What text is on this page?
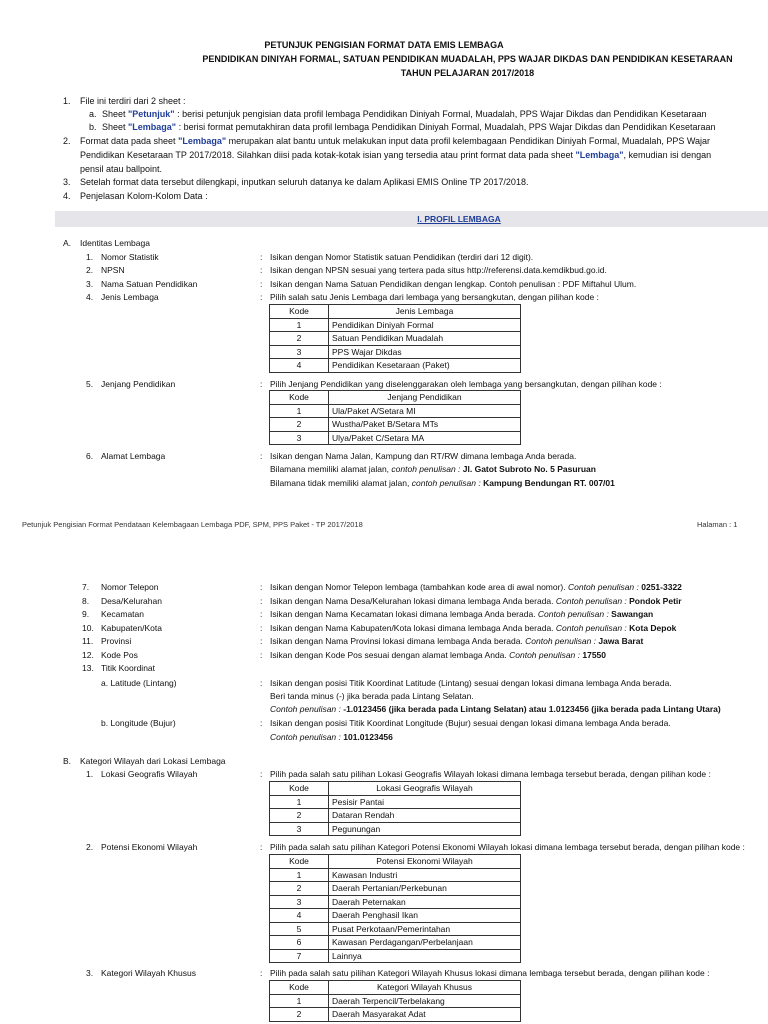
PETUNJUK PENGISIAN FORMAT DATA EMIS LEMBAGA
PENDIDIKAN DINIYAH FORMAL, SATUAN PENDIDIKAN MUADALAH, PPS WAJAR DIKDAS DAN PENDIDIKAN KESETARAAN
TAHUN PELAJARAN 2017/2018
1. File ini terdiri dari 2 sheet :
a. Sheet "Petunjuk" : berisi petunjuk pengisian data profil lembaga Pendidikan Diniyah Formal, Muadalah, PPS Wajar Dikdas dan Pendidikan Kesetaraan
b. Sheet "Lembaga" : berisi format pemutakhiran data profil lembaga Pendidikan Diniyah Formal, Muadalah, PPS Wajar Dikdas dan Pendidikan Kesetaraan
2. Format data pada sheet "Lembaga" merupakan alat bantu untuk melakukan input data profil kelembagaan Pendidikan Diniyah Formal, Muadalah, PPS Wajar
Pendidikan Kesetaraan TP 2017/2018. Silahkan diisi pada kotak-kotak isian yang tersedia atau print format data pada sheet "Lembaga", kemudian isi dengan
pensil atau ballpoint.
3. Setelah format data tersebut dilengkapi, inputkan seluruh datanya ke dalam Aplikasi EMIS Online TP 2017/2018.
4. Penjelasan Kolom-Kolom Data :
I. PROFIL LEMBAGA
A. Identitas Lembaga
1. Nomor Statistik	: Isikan dengan Nomor Statistik satuan Pendidikan (terdiri dari 12 digit).
2. NPSN	: Isikan dengan NPSN sesuai yang tertera pada situs http://referensi.data.kemdikbud.go.id.
3. Nama Satuan Pendidikan	: Isikan dengan Nama Satuan Pendidikan dengan lengkap. Contoh penulisan : PDF Miftahul Ulum.
4. Jenis Lembaga	: Pilih salah satu Jenis Lembaga dari lembaga yang bersangkutan, dengan pilihan kode :
Kode	Jenis Lembaga
1	Pendidikan Diniyah Formal
2	Satuan Pendidikan Muadalah
3	PPS Wajar Dikdas
4	Pendidikan Kesetaraan (Paket)
5. Jenjang Pendidikan	: Pilih Jenjang Pendidikan yang diselenggarakan oleh lembaga yang bersangkutan, dengan pilihan kode :
Kode	Jenjang Pendidikan
1	Ula/Paket A/Setara MI
2	Wustha/Paket B/Setara MTs
3	Ulya/Paket C/Setara MA
6. Alamat Lembaga	: Isikan dengan Nama Jalan, Kampung dan RT/RW dimana lembaga Anda berada.
Bilamana memiliki alamat jalan, contoh penulisan : Jl. Gatot Subroto No. 5 Pasuruan
Bilamana tidak memiliki alamat jalan, contoh penulisan : Kampung Bendungan RT. 007/01
Petunjuk Pengisian Format Pendataan Kelembagaan Lembaga PDF, SPM, PPS Paket - TP 2017/2018	Halaman : 1
7. Nomor Telepon	: Isikan dengan Nomor Telepon lembaga (tambahkan kode area di awal nomor). Contoh penulisan : 0251-3322
8. Desa/Kelurahan	: Isikan dengan Nama Desa/Kelurahan lokasi dimana lembaga Anda berada. Contoh penulisan : Pondok Petir
9. Kecamatan	: Isikan dengan Nama Kecamatan lokasi dimana lembaga Anda berada. Contoh penulisan : Sawangan
10. Kabupaten/Kota	: Isikan dengan Nama Kabupaten/Kota lokasi dimana lembaga Anda berada. Contoh penulisan : Kota Depok
11. Provinsi	: Isikan dengan Nama Provinsi lokasi dimana lembaga Anda berada. Contoh penulisan : Jawa Barat
12. Kode Pos	: Isikan dengan Kode Pos sesuai dengan alamat lembaga Anda. Contoh penulisan : 17550
13. Titik Koordinat
a. Latitude (Lintang)	: Isikan dengan posisi Titik Koordinat Latitude (Lintang) sesuai dengan lokasi dimana lembaga Anda berada.
Beri tanda minus (-) jika berada pada Lintang Selatan.
Contoh penulisan : -1.0123456 (jika berada pada Lintang Selatan) atau 1.0123456 (jika berada pada Lintang Utara)
b. Longitude (Bujur)	: Isikan dengan posisi Titik Koordinat Longitude (Bujur) sesuai dengan lokasi dimana lembaga Anda berada.
Contoh penulisan : 101.0123456
B. Kategori Wilayah dari Lokasi Lembaga
1. Lokasi Geografis Wilayah	: Pilih pada salah satu pilihan Lokasi Geografis Wilayah lokasi dimana lembaga tersebut berada, dengan pilihan kode :
Kode	Lokasi Geografis Wilayah
1	Pesisir Pantai
2	Dataran Rendah
3	Pegunungan
2. Potensi Ekonomi Wilayah	: Pilih pada salah satu pilihan Kategori Potensi Ekonomi Wilayah lokasi dimana lembaga tersebut berada, dengan pilihan kode :
Kode	Potensi Ekonomi Wilayah
1	Kawasan Industri
2	Daerah Pertanian/Perkebunan
3	Daerah Peternakan
4	Daerah Penghasil Ikan
5	Pusat Perkotaan/Pemerintahan
6	Kawasan Perdagangan/Perbelanjaan
7	Lainnya
3. Kategori Wilayah Khusus	: Pilih pada salah satu pilihan Kategori Wilayah Khusus lokasi dimana lembaga tersebut berada, dengan pilihan kode :
Kode	Kategori Wilayah Khusus
1	Daerah Terpencil/Terbelakang
2	Daerah Masyarakat Adat
